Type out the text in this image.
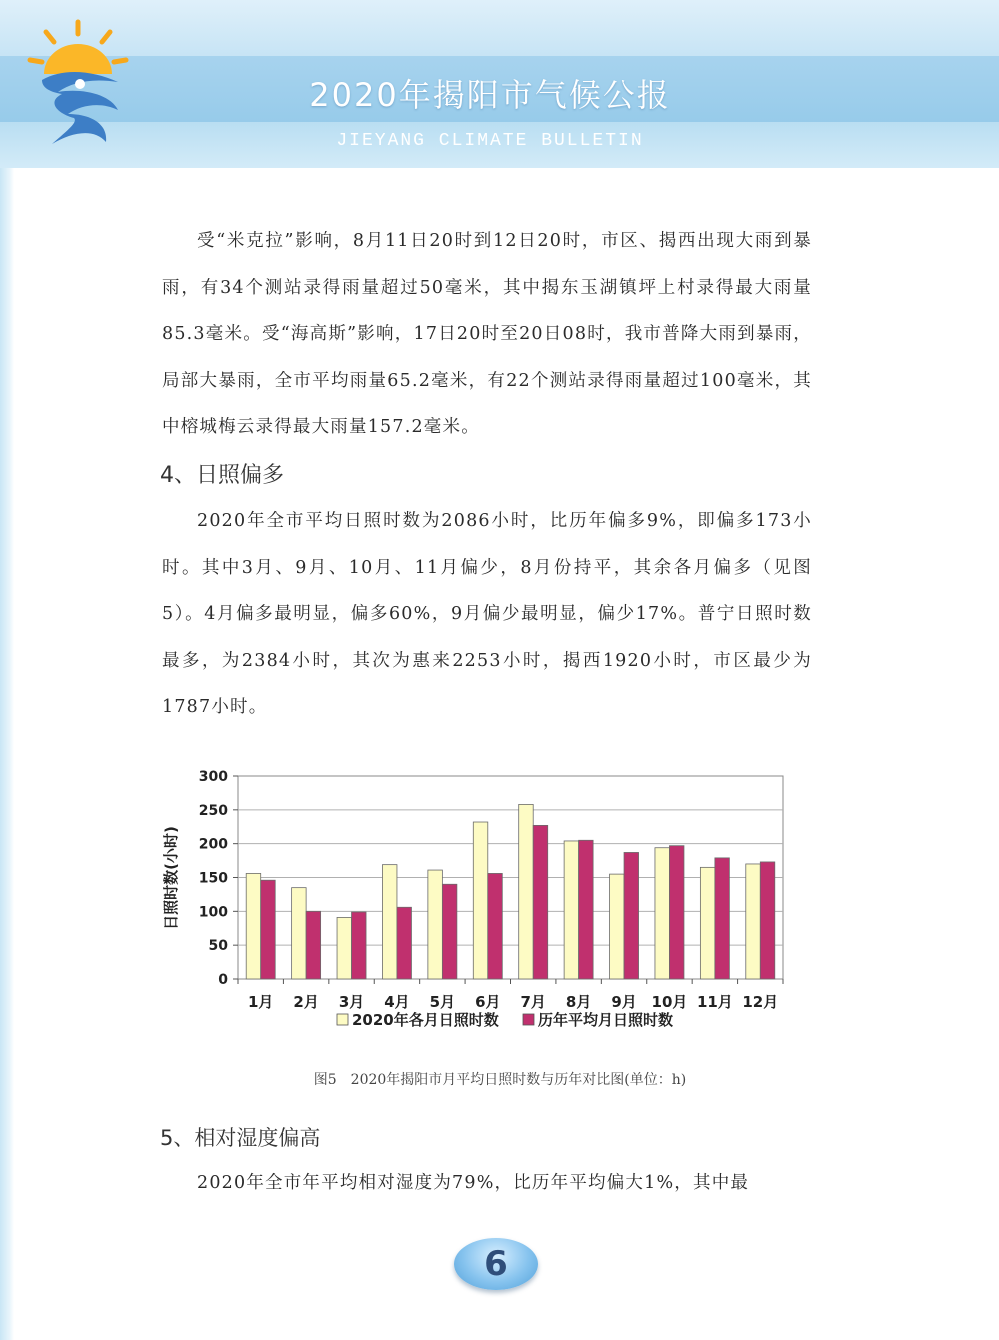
2020年揭阳市气候公报
JIEYANG CLIMATE BULLETIN
受“米克拉”影响，8月11日20时到12日20时，市区、揭西出现大雨到暴雨，有34个测站录得雨量超过50毫米，其中揭东玉湖镇坪上村录得最大雨量85.3毫米。受“海高斯”影响，17日20时至20日08时，我市普降大雨到暴雨，局部大暴雨，全市平均雨量65.2毫米，有22个测站录得雨量超过100毫米，其中榕城梅云录得最大雨量157.2毫米。
4、日照偏多
2020年全市平均日照时数为2086小时，比历年偏多9%，即偏多173小时。其中3月、9月、10月、11月偏少，8月份持平，其余各月偏多（见图5）。4月偏多最明显，偏多60%，9月偏少最明显，偏少17%。普宁日照时数最多，为2384小时，其次为惠来2253小时，揭西1920小时，市区最少为1787小时。
0
50
100
150
200
250
300
1月 2月 3月 4月 5月 6月 7月 8月 9月 10月 11月 12月
日照时数(小时)
2020年各月日照时数	历年平均月日照时数
图5　2020年揭阳市月平均日照时数与历年对比图(单位：h)
5、相对湿度偏高
2020年全市年平均相对湿度为79%，比历年平均偏大1%，其中最
6
